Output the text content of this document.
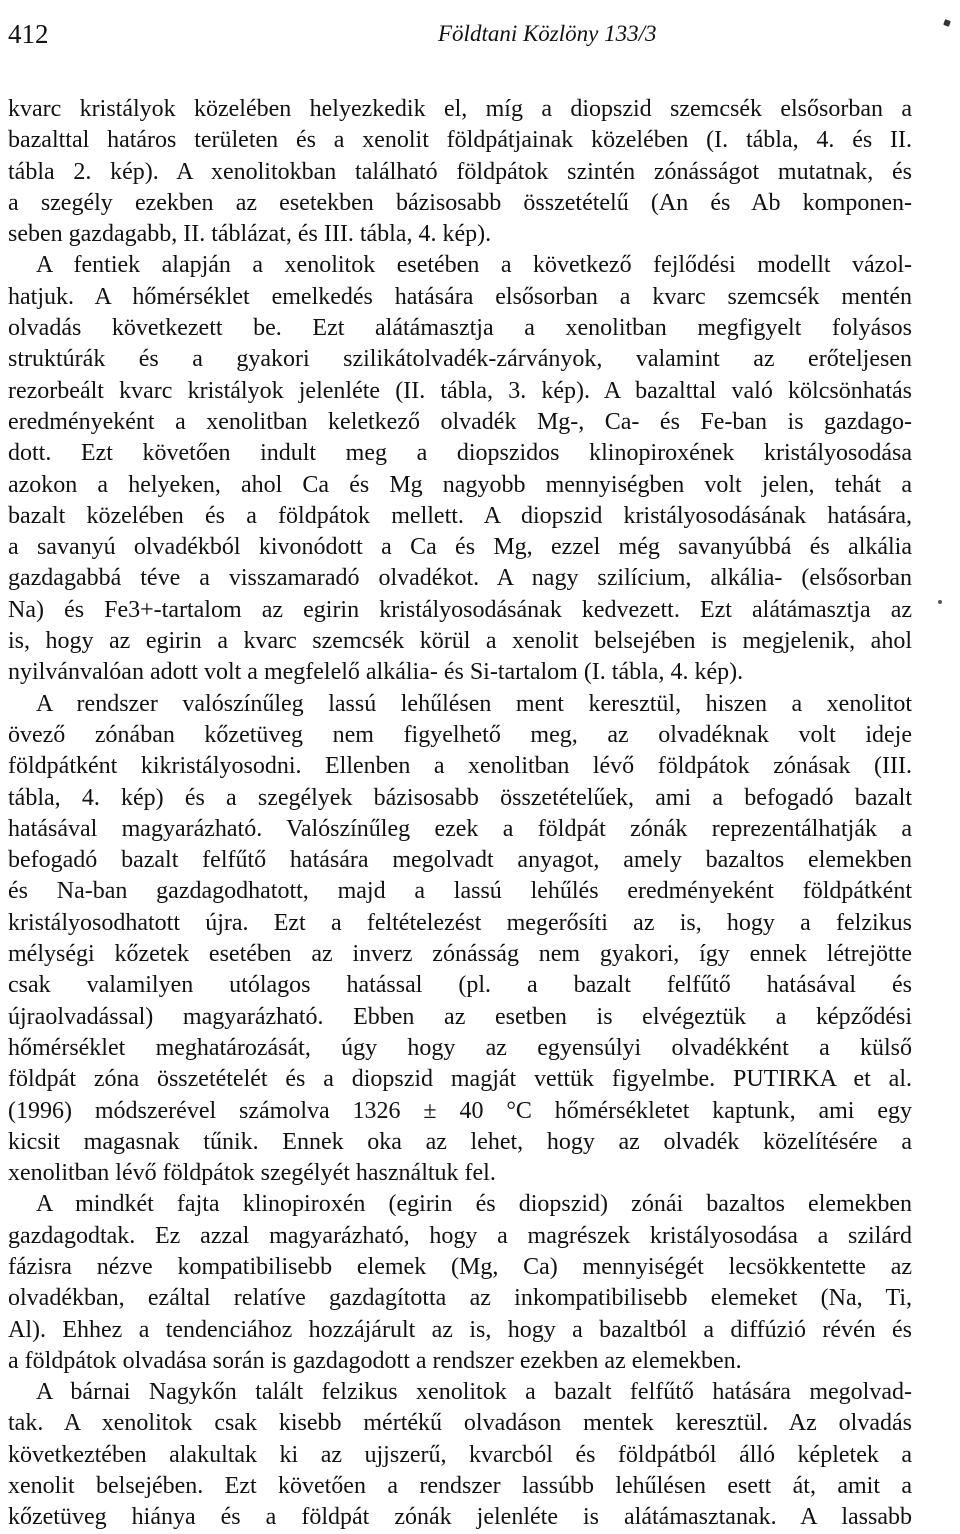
412	Földtani Közlöny 133/3

kvarc kristályok közelében helyezkedik el, míg a diopszid szemcsék elsősorban a

bazalttal határos területen és a xenolit földpátjainak közelében (I. tábla, 4. és II.

tábla 2. kép). A xenolitokban található földpátok szintén zónásságot mutatnak, és

a szegély ezekben az esetekben bázisosabb összetételű (An és Ab komponen-

seben gazdagabb, II. táblázat, és III. tábla, 4. kép).

A fentiek alapján a xenolitok esetében a következő fejlődési modellt vázol-

hatjuk. A hőmérséklet emelkedés hatására elsősorban a kvarc szemcsék mentén

olvadás következett be. Ezt alátámasztja a xenolitban megfigyelt folyásos

struktúrák és a gyakori szilikátolvadék-zárványok, valamint az erőteljesen

rezorbeált kvarc kristályok jelenléte (II. tábla, 3. kép). A bazalttal való kölcsönhatás

eredményeként a xenolitban keletkező olvadék Mg-, Ca- és Fe-ban is gazdago-

dott. Ezt követően indult meg a diopszidos klinopiroxének kristályosodása

azokon a helyeken, ahol Ca és Mg nagyobb mennyiségben volt jelen, tehát a

bazalt közelében és a földpátok mellett. A diopszid kristályosodásának hatására,

a savanyú olvadékból kivonódott a Ca és Mg, ezzel még savanyúbbá és alkália

gazdagabbá téve a visszamaradó olvadékot. A nagy szilícium, alkália- (elsősorban

Na) és Fe3+-tartalom az egirin kristályosodásának kedvezett. Ezt alátámasztja az

is, hogy az egirin a kvarc szemcsék körül a xenolit belsejében is megjelenik, ahol

nyilvánvalóan adott volt a megfelelő alkália- és Si-tartalom (I. tábla, 4. kép).

A rendszer valószínűleg lassú lehűlésen ment keresztül, hiszen a xenolitot

övező zónában kőzetüveg nem figyelhető meg, az olvadéknak volt ideje

földpátként kikristályosodni. Ellenben a xenolitban lévő földpátok zónásak (III.

tábla, 4. kép) és a szegélyek bázisosabb összetételűek, ami a befogadó bazalt

hatásával magyarázható. Valószínűleg ezek a földpát zónák reprezentálhatják a

befogadó bazalt felfűtő hatására megolvadt anyagot, amely bazaltos elemekben

és Na-ban gazdagodhatott, majd a lassú lehűlés eredményeként földpátként

kristályosodhatott újra. Ezt a feltételezést megerősíti az is, hogy a felzikus

mélységi kőzetek esetében az inverz zónásság nem gyakori, így ennek létrejötte

csak valamilyen utólagos hatással (pl. a bazalt felfűtő hatásával és

újraolvadással) magyarázható. Ebben az esetben is elvégeztük a képződési

hőmérséklet meghatározását, úgy hogy az egyensúlyi olvadékként a külső

földpát zóna összetételét és a diopszid magját vettük figyelmbe. PUTIRKA et al.

(1996) módszerével számolva 1326 ± 40 °C hőmérsékletet kaptunk, ami egy

kicsit magasnak tűnik. Ennek oka az lehet, hogy az olvadék közelítésére a

xenolitban lévő földpátok szegélyét használtuk fel.

A mindkét fajta klinopiroxén (egirin és diopszid) zónái bazaltos elemekben

gazdagodtak. Ez azzal magyarázható, hogy a magrészek kristályosodása a szilárd

fázisra nézve kompatibilisebb elemek (Mg, Ca) mennyiségét lecsökkentette az

olvadékban, ezáltal relatíve gazdagította az inkompatibilisebb elemeket (Na, Ti,

Al). Ehhez a tendenciához hozzájárult az is, hogy a bazaltból a diffúzió révén és

a földpátok olvadása során is gazdagodott a rendszer ezekben az elemekben.

A bárnai Nagykőn talált felzikus xenolitok a bazalt felfűtő hatására megolvad-

tak. A xenolitok csak kisebb mértékű olvadáson mentek keresztül. Az olvadás

következtében alakultak ki az ujjszerű, kvarcból és földpátból álló képletek a

xenolit belsejében. Ezt követően a rendszer lassúbb lehűlésen esett át, amit a

kőzetüveg hiánya és a földpát zónák jelenléte is alátámasztanak. A lassabb
